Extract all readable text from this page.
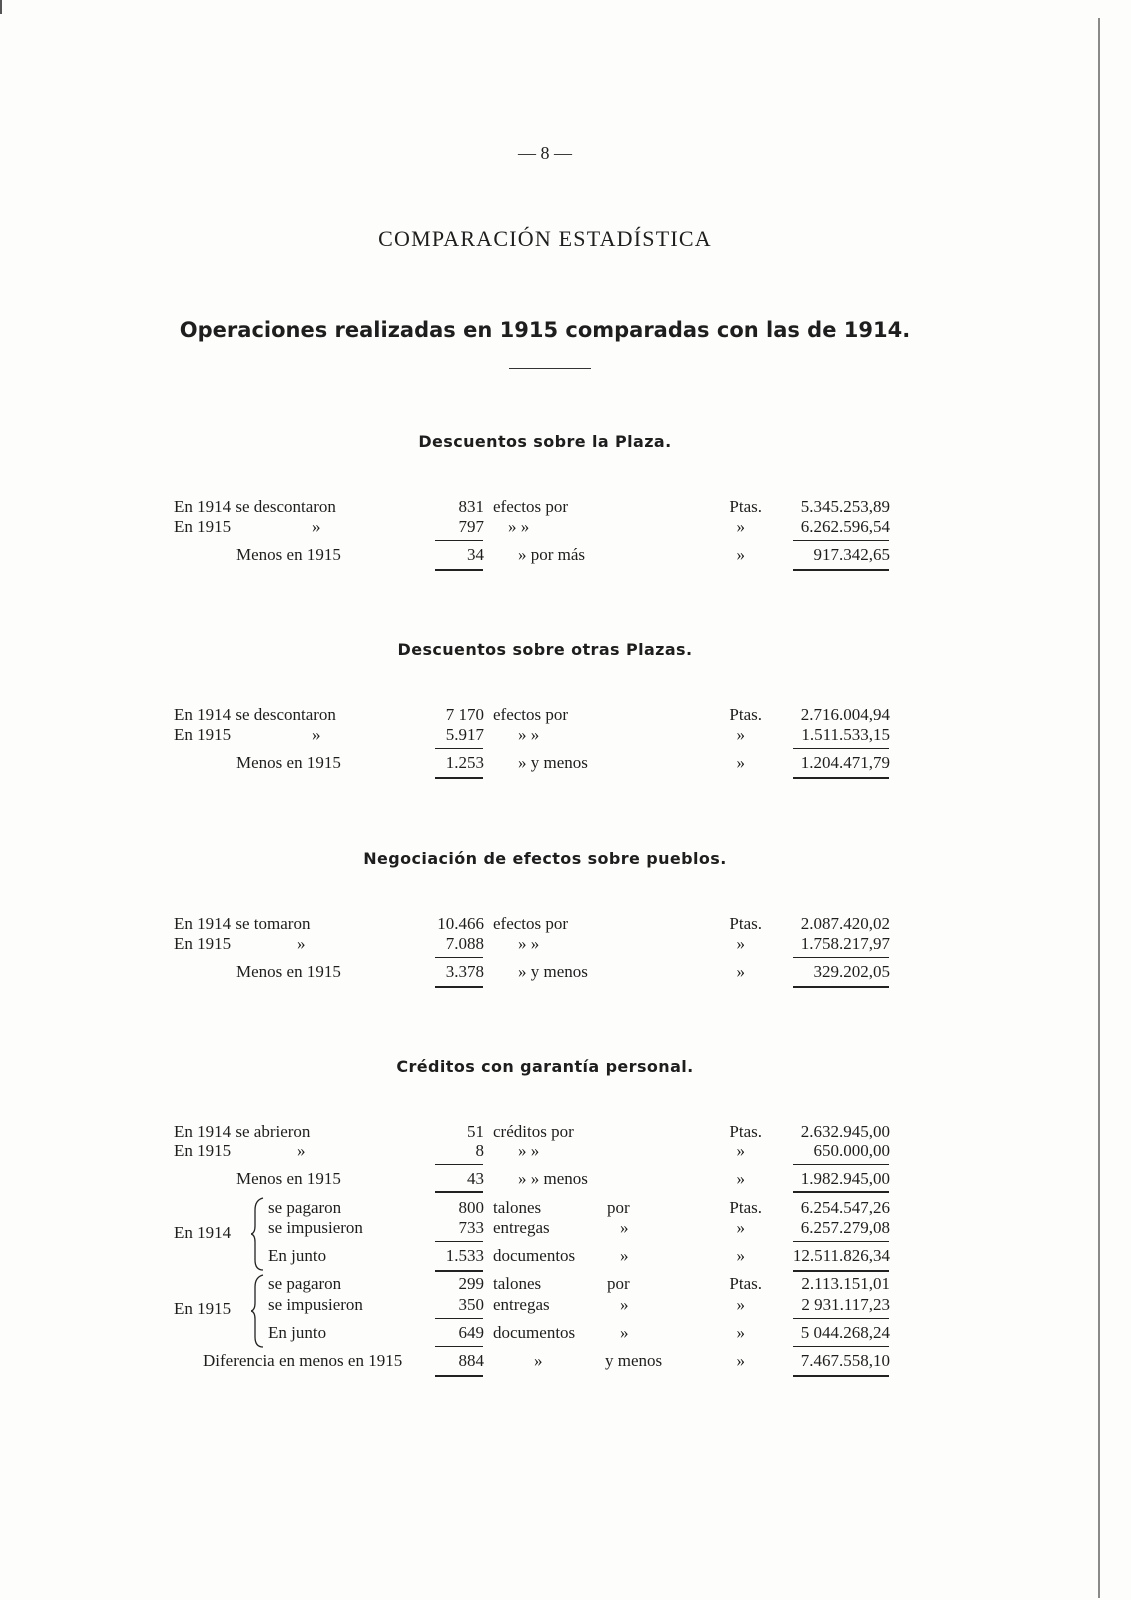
— 8 —
COMPARACIÓN ESTADÍSTICA
Operaciones realizadas en 1915 comparadas con las de 1914.
Descuentos sobre la Plaza.
En 1914 se descontaron	831 efectos por	Ptas.	5.345.253,89
En 1915	»	797 » »	»	6.262.596,54
Menos en 1915	34 » por más	»	917.342,65
Descuentos sobre otras Plazas.
En 1914 se descontaron	7 170 efectos por	Ptas.	2.716.004,94
En 1915	»	5.917 » »	»	1.511.533,15
Menos en 1915	1.253 » y menos	»	1.204.471,79
Negociación de efectos sobre pueblos.
En 1914 se tomaron	10.466 efectos por	Ptas.	2.087.420,02
En 1915	»	7.088 » »	»	1.758.217,97
Menos en 1915	3.378 » y menos	»	329.202,05
Créditos con garantía personal.
En 1914 se abrieron	51 créditos por	Ptas.	2.632.945,00
En 1915	»	8 » »	»	650.000,00
Menos en 1915	43 » » menos	»	1.982.945,00
En 1914
se pagaron	800 talones	por	Ptas.	6.254.547,26
se impusieron	733 entregas	»	»	6.257.279,08
En junto	1.533 documentos	»	»	12.511.826,34
En 1915
se pagaron	299 talones	por	Ptas.	2.113.151,01
se impusieron	350 entregas	»	»	2 931.117,23
En junto	649 documentos	»	»	5 044.268,24
Diferencia en menos en 1915	884	»	y menos	»	7.467.558,10
